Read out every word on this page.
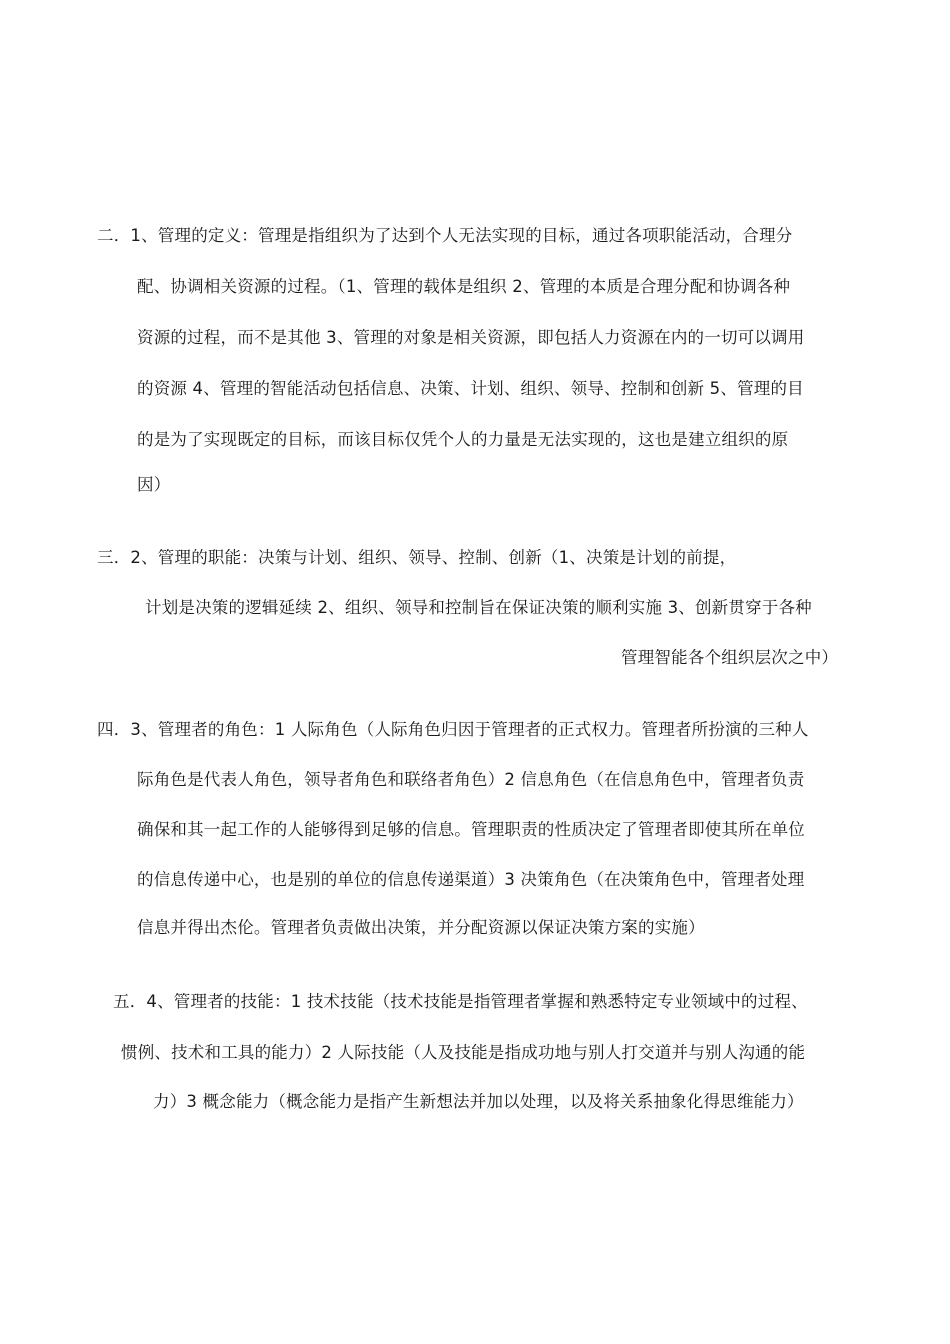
二．1、管理的定义：管理是指组织为了达到个人无法实现的目标，通过各项职能活动，合理分
配、协调相关资源的过程。（1、管理的载体是组织 2、管理的本质是合理分配和协调各种
资源的过程，而不是其他 3、管理的对象是相关资源，即包括人力资源在内的一切可以调用
的资源 4、管理的智能活动包括信息、决策、计划、组织、领导、控制和创新 5、管理的目
的是为了实现既定的目标，而该目标仅凭个人的力量是无法实现的，这也是建立组织的原
因）
三．2、管理的职能：决策与计划、组织、领导、控制、创新（1、决策是计划的前提，
计划是决策的逻辑延续 2、组织、领导和控制旨在保证决策的顺利实施 3、创新贯穿于各种
管理智能各个组织层次之中）
四．3、管理者的角色：1 人际角色（人际角色归因于管理者的正式权力。管理者所扮演的三种人
际角色是代表人角色，领导者角色和联络者角色）2 信息角色（在信息角色中，管理者负责
确保和其一起工作的人能够得到足够的信息。管理职责的性质决定了管理者即使其所在单位
的信息传递中心，也是别的单位的信息传递渠道）3 决策角色（在决策角色中，管理者处理
信息并得出杰伦。管理者负责做出决策，并分配资源以保证决策方案的实施）
五．4、管理者的技能：1 技术技能（技术技能是指管理者掌握和熟悉特定专业领域中的过程、
惯例、技术和工具的能力）2 人际技能（人及技能是指成功地与别人打交道并与别人沟通的能
力）3 概念能力（概念能力是指产生新想法并加以处理，以及将关系抽象化得思维能力）
